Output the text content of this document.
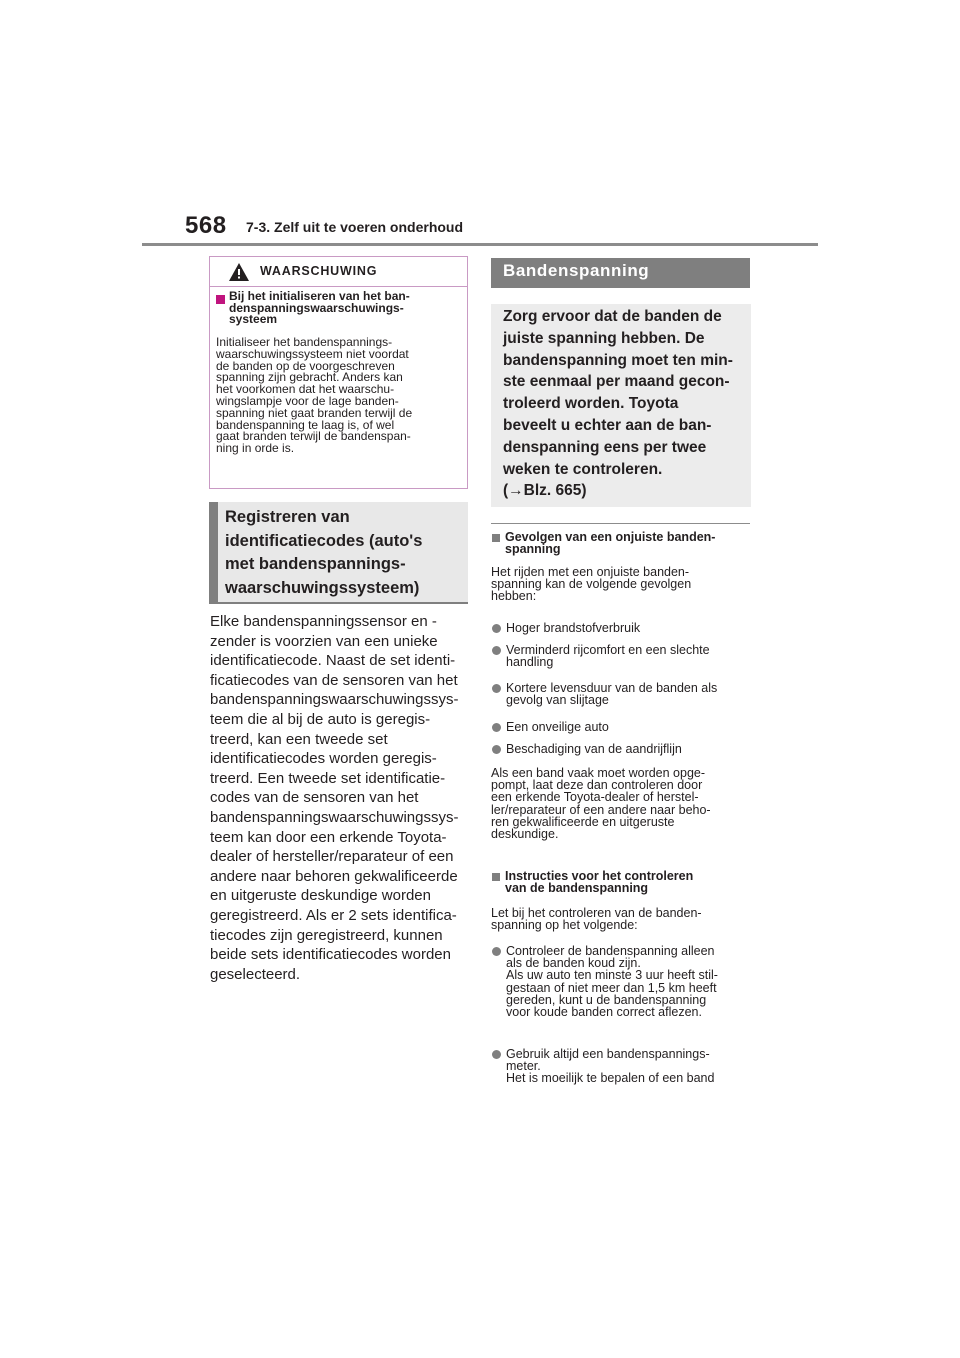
568 7-3. Zelf uit te voeren onderhoud
WAARSCHUWING
Bij het initialiseren van het ban-
denspanningswaarschuwings-
systeem
Initialiseer het bandenspannings-
waarschuwingssysteem niet voordat
de banden op de voorgeschreven
spanning zijn gebracht. Anders kan
het voorkomen dat het waarschu-
wingslampje voor de lage banden-
spanning niet gaat branden terwijl de
bandenspanning te laag is, of wel
gaat branden terwijl de bandenspan-
ning in orde is.
Registreren van
identificatiecodes (auto's
met bandenspannings-
waarschuwingssysteem)
Elke bandenspanningssensor en -
zender is voorzien van een unieke
identificatiecode. Naast de set identi-
ficatiecodes van de sensoren van het
bandenspanningswaarschuwingssys-
teem die al bij de auto is geregis-
treerd, kan een tweede set
identificatiecodes worden geregis-
treerd. Een tweede set identificatie-
codes van de sensoren van het
bandenspanningswaarschuwingssys-
teem kan door een erkende Toyota-
dealer of hersteller/reparateur of een
andere naar behoren gekwalificeerde
en uitgeruste deskundige worden
geregistreerd. Als er 2 sets identifica-
tiecodes zijn geregistreerd, kunnen
beide sets identificatiecodes worden
geselecteerd.
Bandenspanning
Zorg ervoor dat de banden de
juiste spanning hebben. De
bandenspanning moet ten min-
ste eenmaal per maand gecon-
troleerd worden. Toyota
beveelt u echter aan de ban-
denspanning eens per twee
weken te controleren.
(→Blz. 665)
Gevolgen van een onjuiste banden-
spanning
Het rijden met een onjuiste banden-
spanning kan de volgende gevolgen
hebben:
Hoger brandstofverbruik
Verminderd rijcomfort en een slechte
handling
Kortere levensduur van de banden als
gevolg van slijtage
Een onveilige auto
Beschadiging van de aandrijflijn
Als een band vaak moet worden opge-
pompt, laat deze dan controleren door
een erkende Toyota-dealer of herstel-
ler/reparateur of een andere naar beho-
ren gekwalificeerde en uitgeruste
deskundige.
Instructies voor het controleren
van de bandenspanning
Let bij het controleren van de banden-
spanning op het volgende:
Controleer de bandenspanning alleen
als de banden koud zijn.
Als uw auto ten minste 3 uur heeft stil-
gestaan of niet meer dan 1,5 km heeft
gereden, kunt u de bandenspanning
voor koude banden correct aflezen.
Gebruik altijd een bandenspannings-
meter.
Het is moeilijk te bepalen of een band
